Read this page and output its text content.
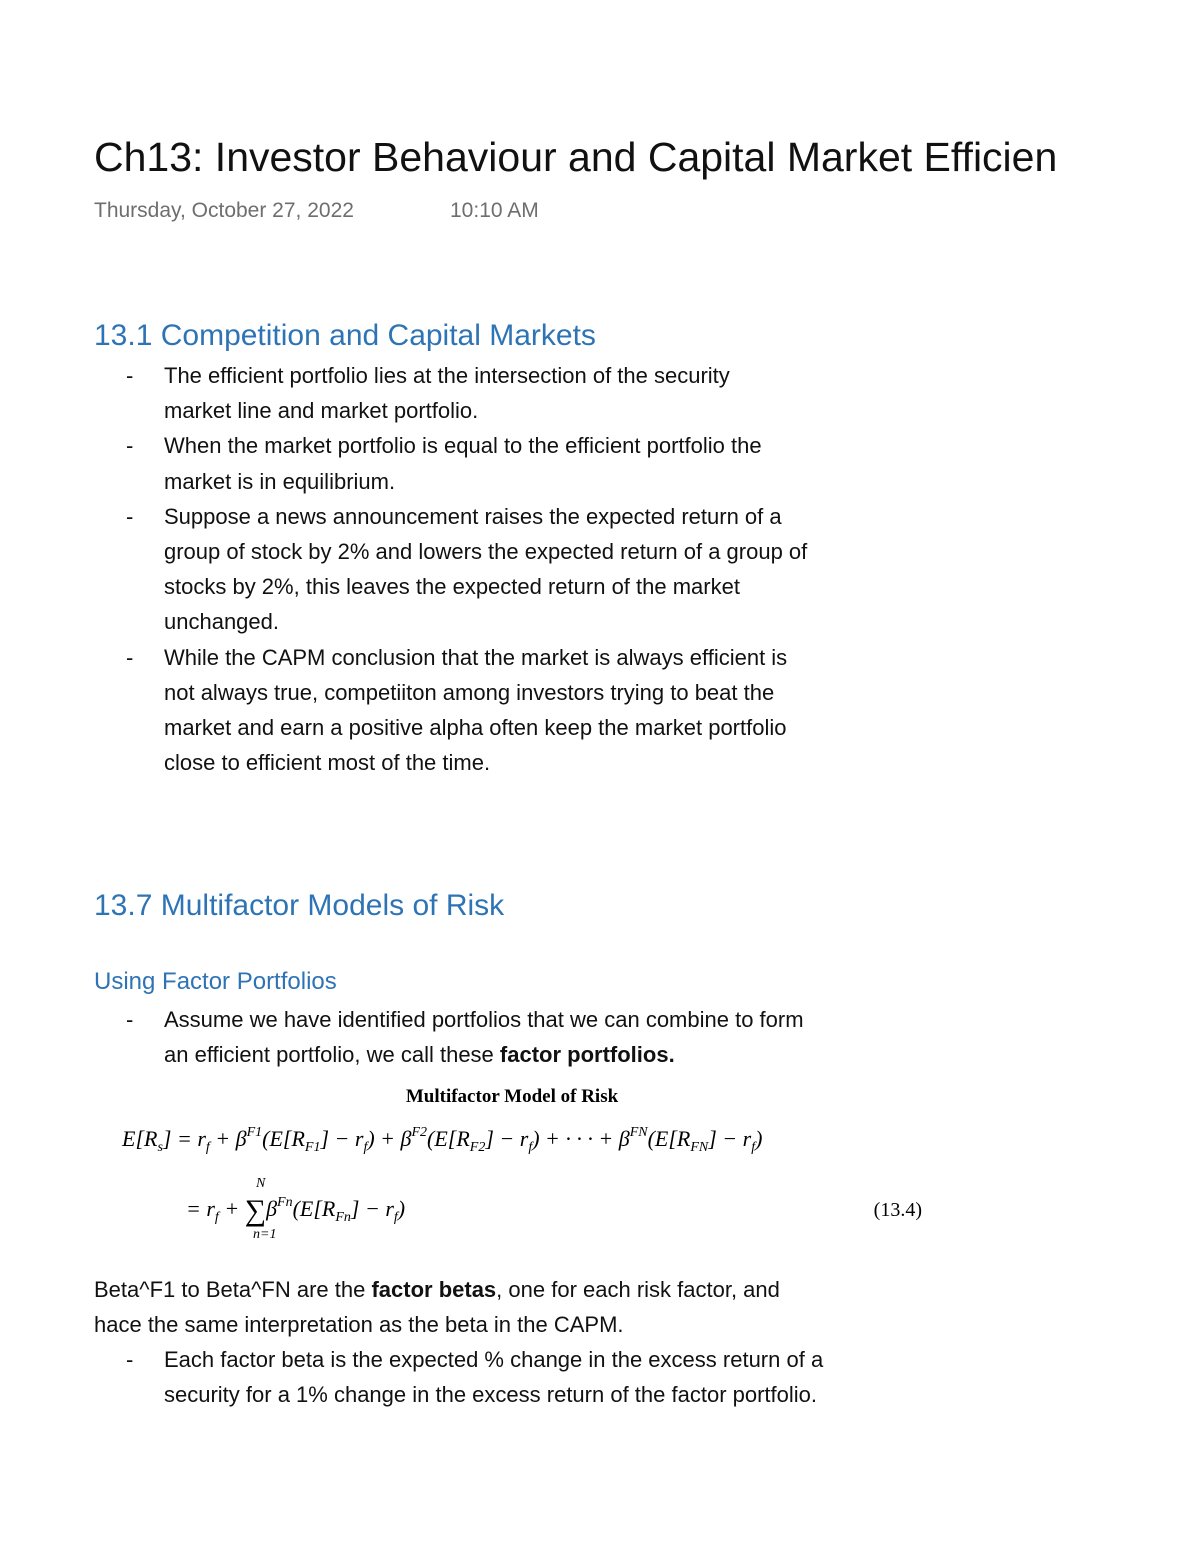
Ch13: Investor Behaviour and Capital Market Efficien
Thursday, October 27, 2022	10:10 AM
13.1 Competition and Capital Markets
-	The efficient portfolio lies at the intersection of the security
market line and market portfolio.
-	When the market portfolio is equal to the efficient portfolio the
market is in equilibrium.
-	Suppose a news announcement raises the expected return of a
group of stock by 2% and lowers the expected return of a group of
stocks by 2%, this leaves the expected return of the market
unchanged.
-	While the CAPM conclusion that the market is always efficient is
not always true, competiiton among investors trying to beat the
market and earn a positive alpha often keep the market portfolio
close to efficient most of the time.
13.7 Multifactor Models of Risk
Using Factor Portfolios
-	Assume we have identified portfolios that we can combine to form
an efficient portfolio, we call these factor portfolios.
Multifactor Model of Risk
$E[R_s] = r_f + \beta^{F1}(E[R_{F1}] - r_f) + \beta^{F2}(E[R_{F2}] - r_f)$ + · · · + $\beta^{FN}(E[R_{FN}] - r_f)$
N
= $r_f + \sum\beta^{Fn}(E[R_{Fn}] - r_f)$
n=1
(13.4)
Beta^F1 to Beta^FN are the factor betas, one for each risk factor, and
hace the same interpretation as the beta in the CAPM.
-	Each factor beta is the expected % change in the excess return of a
security for a 1% change in the excess return of the factor portfolio.
